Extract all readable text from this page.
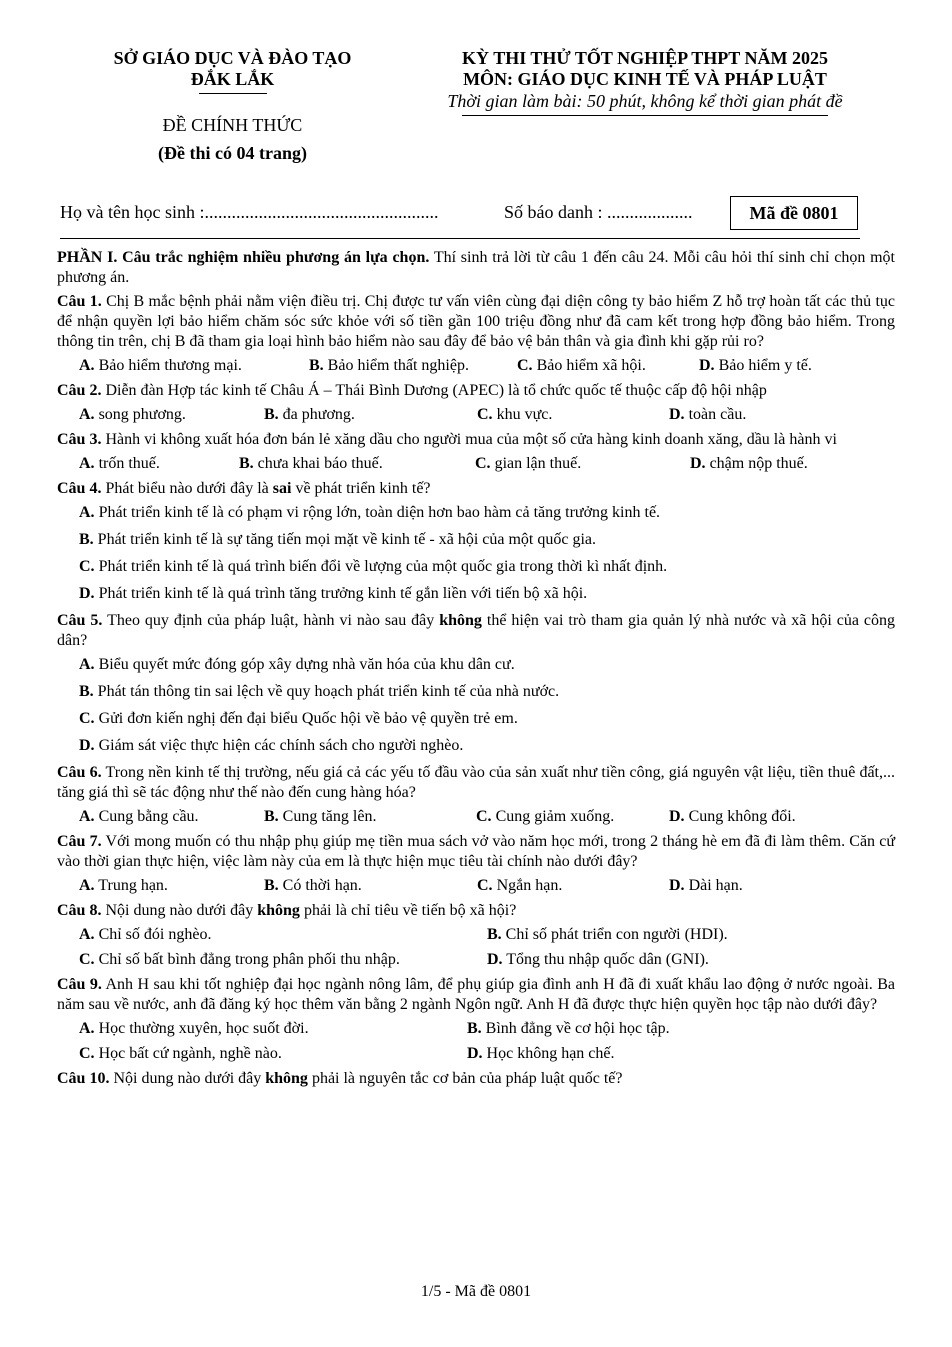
SỞ GIÁO DỤC VÀ ĐÀO TẠO
ĐẮK LẮK
ĐỀ CHÍNH THỨC
(Đề thi có 04 trang)
KỲ THI THỬ TỐT NGHIỆP THPT NĂM 2025
MÔN: GIÁO DỤC KINH TẾ VÀ PHÁP LUẬT
Thời gian làm bài: 50 phút, không kể thời gian phát đề
Họ và tên học sinh :....................................................	Số báo danh : ...................	Mã đề 0801
PHẦN I. Câu trắc nghiệm nhiều phương án lựa chọn. Thí sinh trả lời từ câu 1 đến câu 24. Mỗi câu hỏi thí sinh chỉ chọn một phương án.
Câu 1. Chị B mắc bệnh phải nằm viện điều trị. Chị được tư vấn viên cùng đại diện công ty bảo hiểm Z hỗ trợ hoàn tất các thủ tục để nhận quyền lợi bảo hiểm chăm sóc sức khỏe với số tiền gần 100 triệu đồng như đã cam kết trong hợp đồng bảo hiểm. Trong thông tin trên, chị B đã tham gia loại hình bảo hiểm nào sau đây để bảo vệ bản thân và gia đình khi gặp rủi ro?
A. Bảo hiểm thương mại.	B. Bảo hiểm thất nghiệp.	C. Bảo hiểm xã hội.	D. Bảo hiểm y tế.
Câu 2. Diễn đàn Hợp tác kinh tế Châu Á – Thái Bình Dương (APEC) là tổ chức quốc tế thuộc cấp độ hội nhập
A. song phương.	B. đa phương.	C. khu vực.	D. toàn cầu.
Câu 3. Hành vi không xuất hóa đơn bán lẻ xăng dầu cho người mua của một số cửa hàng kinh doanh xăng, dầu là hành vi
A. trốn thuế.	B. chưa khai báo thuế.	C. gian lận thuế.	D. chậm nộp thuế.
Câu 4. Phát biểu nào dưới đây là sai về phát triển kinh tế?
A. Phát triển kinh tế là có phạm vi rộng lớn, toàn diện hơn bao hàm cả tăng trưởng kinh tế.
B. Phát triển kinh tế là sự tăng tiến mọi mặt về kinh tế - xã hội của một quốc gia.
C. Phát triển kinh tế là quá trình biến đổi về lượng của một quốc gia trong thời kì nhất định.
D. Phát triển kinh tế là quá trình tăng trưởng kinh tế gắn liền với tiến bộ xã hội.
Câu 5. Theo quy định của pháp luật, hành vi nào sau đây không thể hiện vai trò tham gia quản lý nhà nước và xã hội của công dân?
A. Biểu quyết mức đóng góp xây dựng nhà văn hóa của khu dân cư.
B. Phát tán thông tin sai lệch về quy hoạch phát triển kinh tế của nhà nước.
C. Gửi đơn kiến nghị đến đại biểu Quốc hội về bảo vệ quyền trẻ em.
D. Giám sát việc thực hiện các chính sách cho người nghèo.
Câu 6. Trong nền kinh tế thị trường, nếu giá cả các yếu tố đầu vào của sản xuất như tiền công, giá nguyên vật liệu, tiền thuê đất,... tăng giá thì sẽ tác động như thế nào đến cung hàng hóa?
A. Cung bằng cầu.	B. Cung tăng lên.	C. Cung giảm xuống.	D. Cung không đổi.
Câu 7. Với mong muốn có thu nhập phụ giúp mẹ tiền mua sách vở vào năm học mới, trong 2 tháng hè em đã đi làm thêm. Căn cứ vào thời gian thực hiện, việc làm này của em là thực hiện mục tiêu tài chính nào dưới đây?
A. Trung hạn.	B. Có thời hạn.	C. Ngắn hạn.	D. Dài hạn.
Câu 8. Nội dung nào dưới đây không phải là chỉ tiêu về tiến bộ xã hội?
A. Chỉ số đói nghèo.	B. Chỉ số phát triển con người (HDI).
C. Chỉ số bất bình đẳng trong phân phối thu nhập.	D. Tổng thu nhập quốc dân (GNI).
Câu 9. Anh H sau khi tốt nghiệp đại học ngành nông lâm, để phụ giúp gia đình anh H đã đi xuất khẩu lao động ở nước ngoài. Ba năm sau về nước, anh đã đăng ký học thêm văn bằng 2 ngành Ngôn ngữ. Anh H đã được thực hiện quyền học tập nào dưới đây?
A. Học thường xuyên, học suốt đời.	B. Bình đẳng về cơ hội học tập.
C. Học bất cứ ngành, nghề nào.	D. Học không hạn chế.
Câu 10. Nội dung nào dưới đây không phải là nguyên tắc cơ bản của pháp luật quốc tế?
1/5 - Mã đề 0801
